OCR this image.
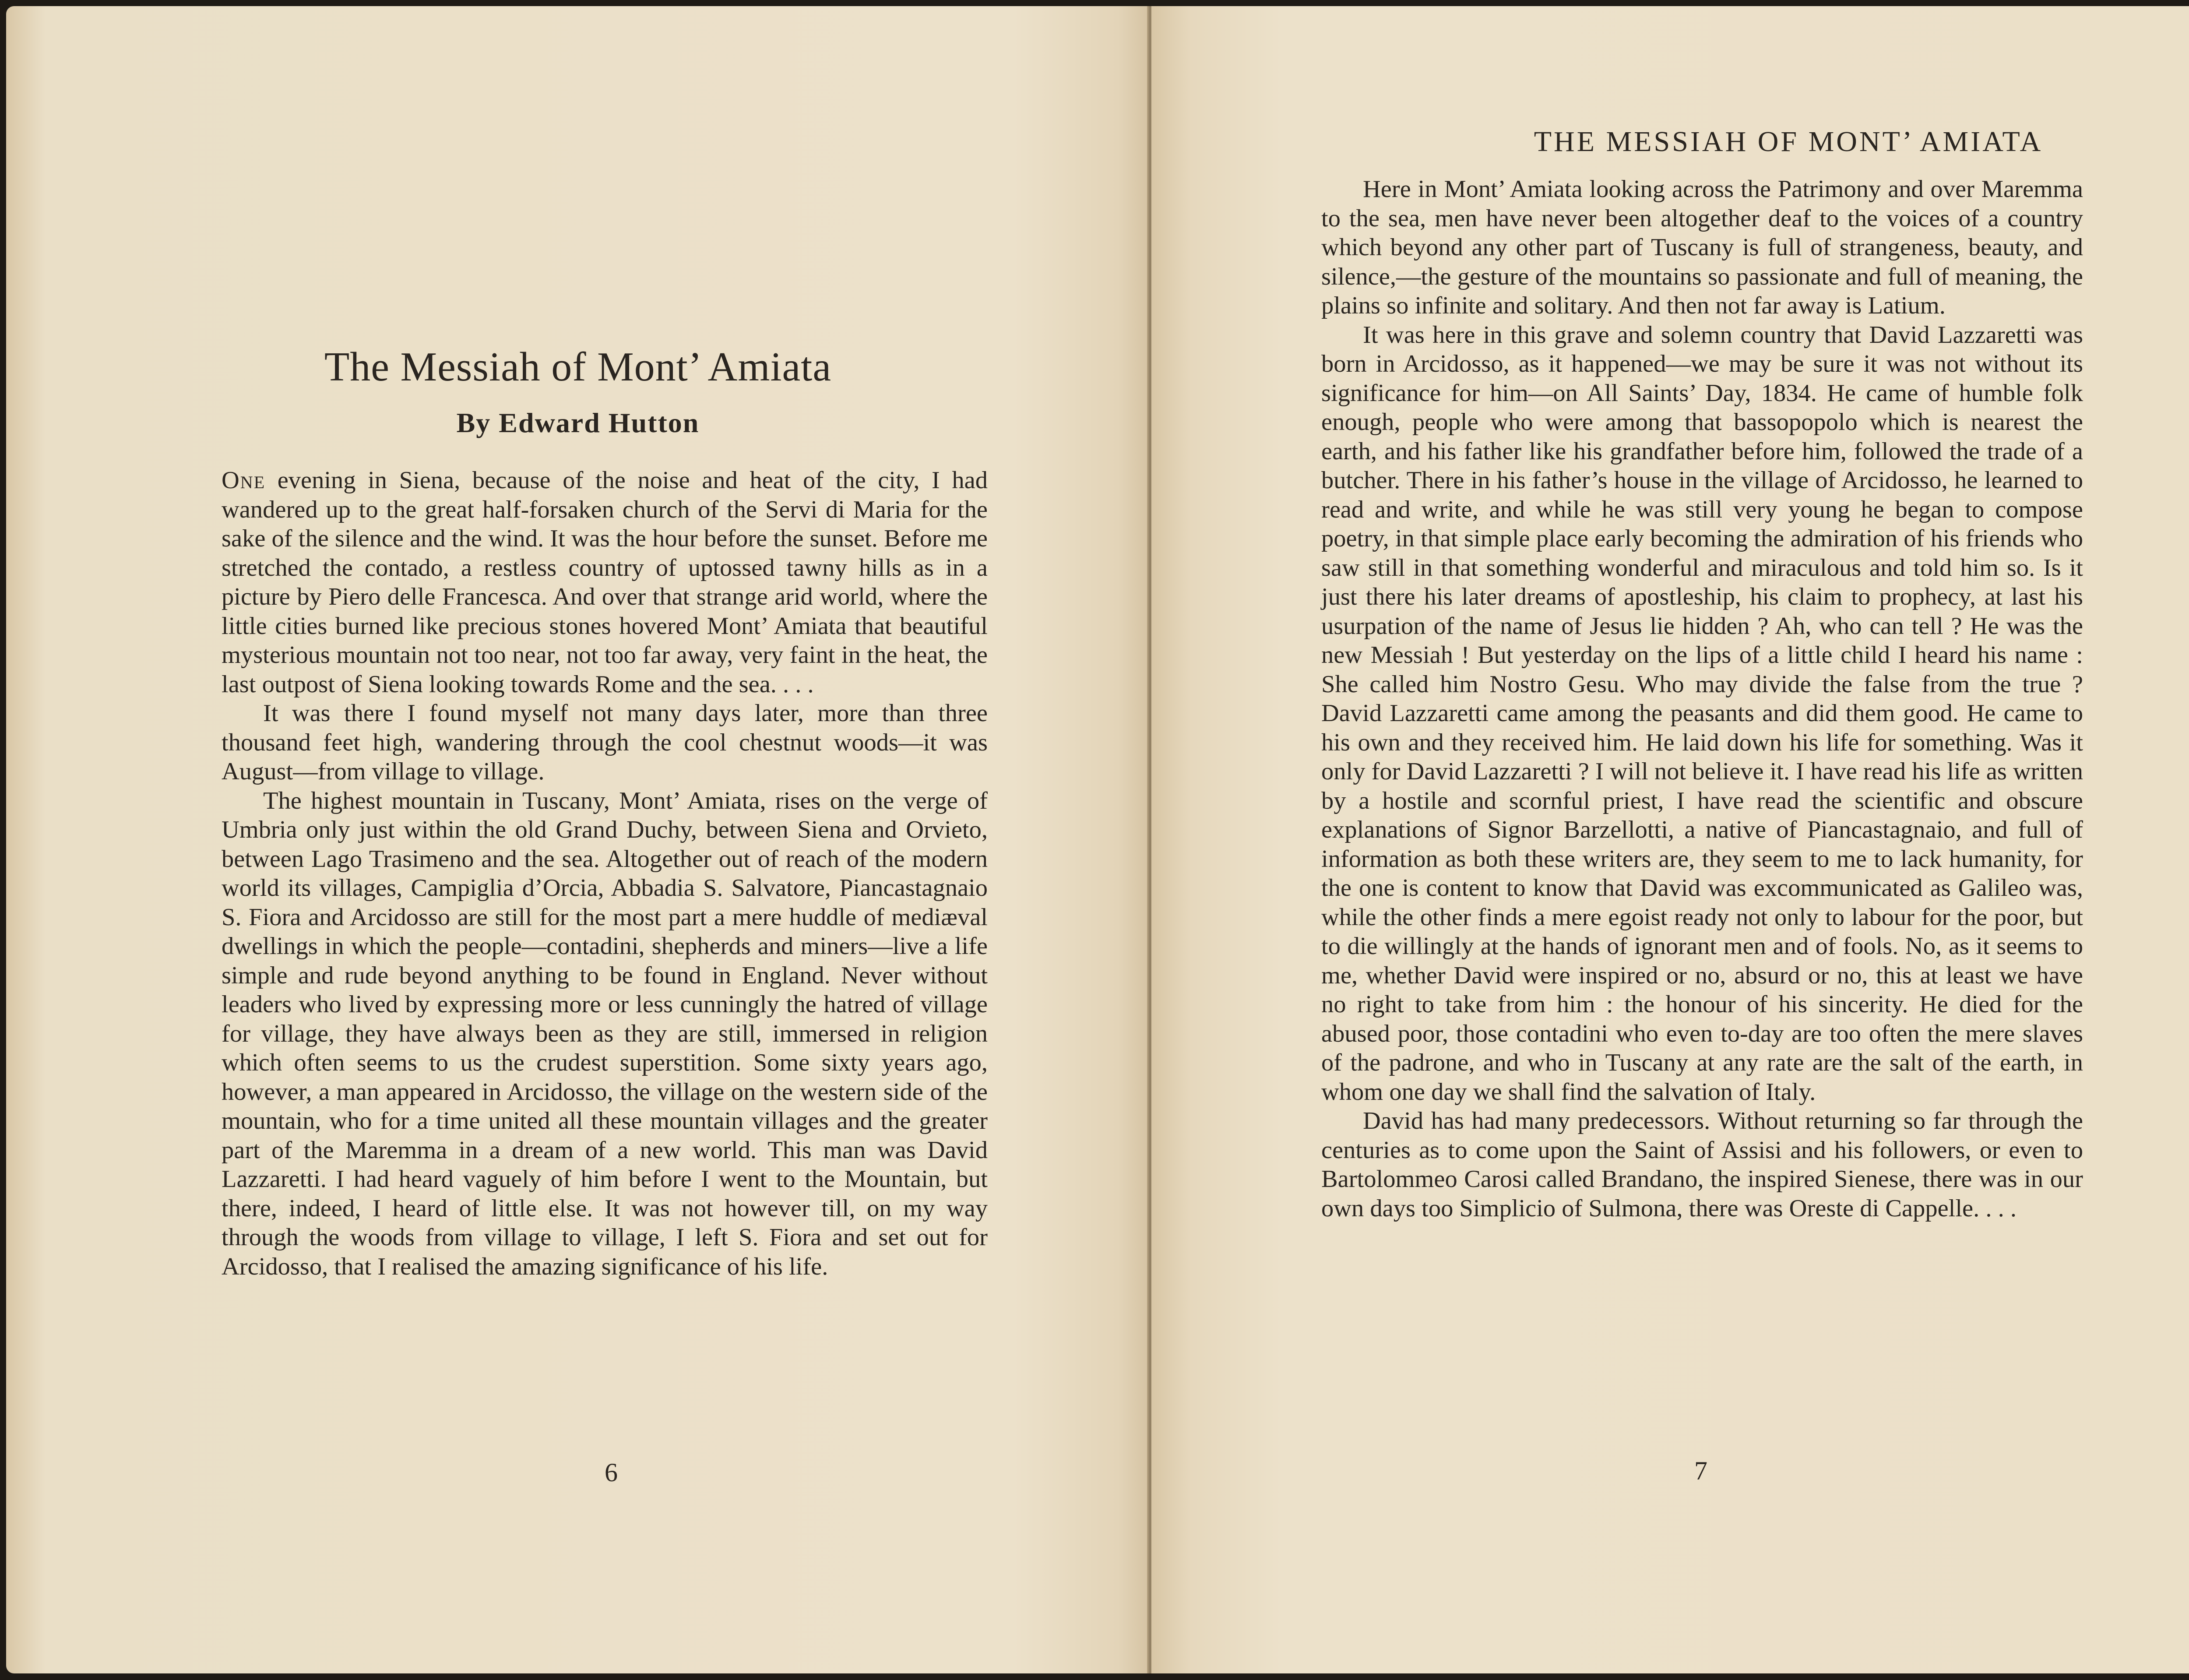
The Messiah of Mont’ Amiata
By Edward Hutton

One evening in Siena, because of the noise and heat of the city, I had wandered up to the great half-forsaken church of the Servi di Maria for the sake of the silence and the wind. It was the hour before the sunset. Before me stretched the contado, a restless country of uptossed tawny hills as in a picture by Piero delle Francesca. And over that strange arid world, where the little cities burned like precious stones hovered Mont’ Amiata that beautiful mysterious mountain not too near, not too far away, very faint in the heat, the last outpost of Siena looking towards Rome and the sea. . . .

It was there I found myself not many days later, more than three thousand feet high, wandering through the cool chestnut woods—it was August—from village to village.

The highest mountain in Tuscany, Mont’ Amiata, rises on the verge of Umbria only just within the old Grand Duchy, between Siena and Orvieto, between Lago Trasimeno and the sea. Altogether out of reach of the modern world its villages, Campiglia d’Orcia, Abbadia S. Salvatore, Piancastagnaio S. Fiora and Arcidosso are still for the most part a mere huddle of mediæval dwellings in which the people—contadini, shepherds and miners—live a life simple and rude beyond anything to be found in England. Never without leaders who lived by expressing more or less cunningly the hatred of village for village, they have always been as they are still, immersed in religion which often seems to us the crudest superstition. Some sixty years ago, however, a man appeared in Arcidosso, the village on the western side of the mountain, who for a time united all these mountain villages and the greater part of the Maremma in a dream of a new world. This man was David Lazzaretti. I had heard vaguely of him before I went to the Mountain, but there, indeed, I heard of little else. It was not however till, on my way through the woods from village to village, I left S. Fiora and set out for Arcidosso, that I realised the amazing significance of his life.

6
THE MESSIAH OF MONT’ AMIATA

Here in Mont’ Amiata looking across the Patrimony and over Maremma to the sea, men have never been altogether deaf to the voices of a country which beyond any other part of Tuscany is full of strangeness, beauty, and silence,—the gesture of the mountains so passionate and full of meaning, the plains so infinite and solitary. And then not far away is Latium.

It was here in this grave and solemn country that David Lazzaretti was born in Arcidosso, as it happened—we may be sure it was not without its significance for him—on All Saints’ Day, 1834. He came of humble folk enough, people who were among that bassopopolo which is nearest the earth, and his father like his grandfather before him, followed the trade of a butcher. There in his father’s house in the village of Arcidosso, he learned to read and write, and while he was still very young he began to compose poetry, in that simple place early becoming the admiration of his friends who saw still in that something wonderful and miraculous and told him so. Is it just there his later dreams of apostleship, his claim to prophecy, at last his usurpation of the name of Jesus lie hidden ? Ah, who can tell ? He was the new Messiah ! But yesterday on the lips of a little child I heard his name : She called him Nostro Gesu. Who may divide the false from the true ? David Lazzaretti came among the peasants and did them good. He came to his own and they received him. He laid down his life for something. Was it only for David Lazzaretti ? I will not believe it. I have read his life as written by a hostile and scornful priest, I have read the scientific and obscure explanations of Signor Barzellotti, a native of Piancastagnaio, and full of information as both these writers are, they seem to me to lack humanity, for the one is content to know that David was excommunicated as Galileo was, while the other finds a mere egoist ready not only to labour for the poor, but to die willingly at the hands of ignorant men and of fools. No, as it seems to me, whether David were inspired or no, absurd or no, this at least we have no right to take from him : the honour of his sincerity. He died for the abused poor, those contadini who even to-day are too often the mere slaves of the padrone, and who in Tuscany at any rate are the salt of the earth, in whom one day we shall find the salvation of Italy.

David has had many predecessors. Without returning so far through the centuries as to come upon the Saint of Assisi and his followers, or even to Bartolommeo Carosi called Brandano, the inspired Sienese, there was in our own days too Simplicio of Sulmona, there was Oreste di Cappelle. . . .

7
